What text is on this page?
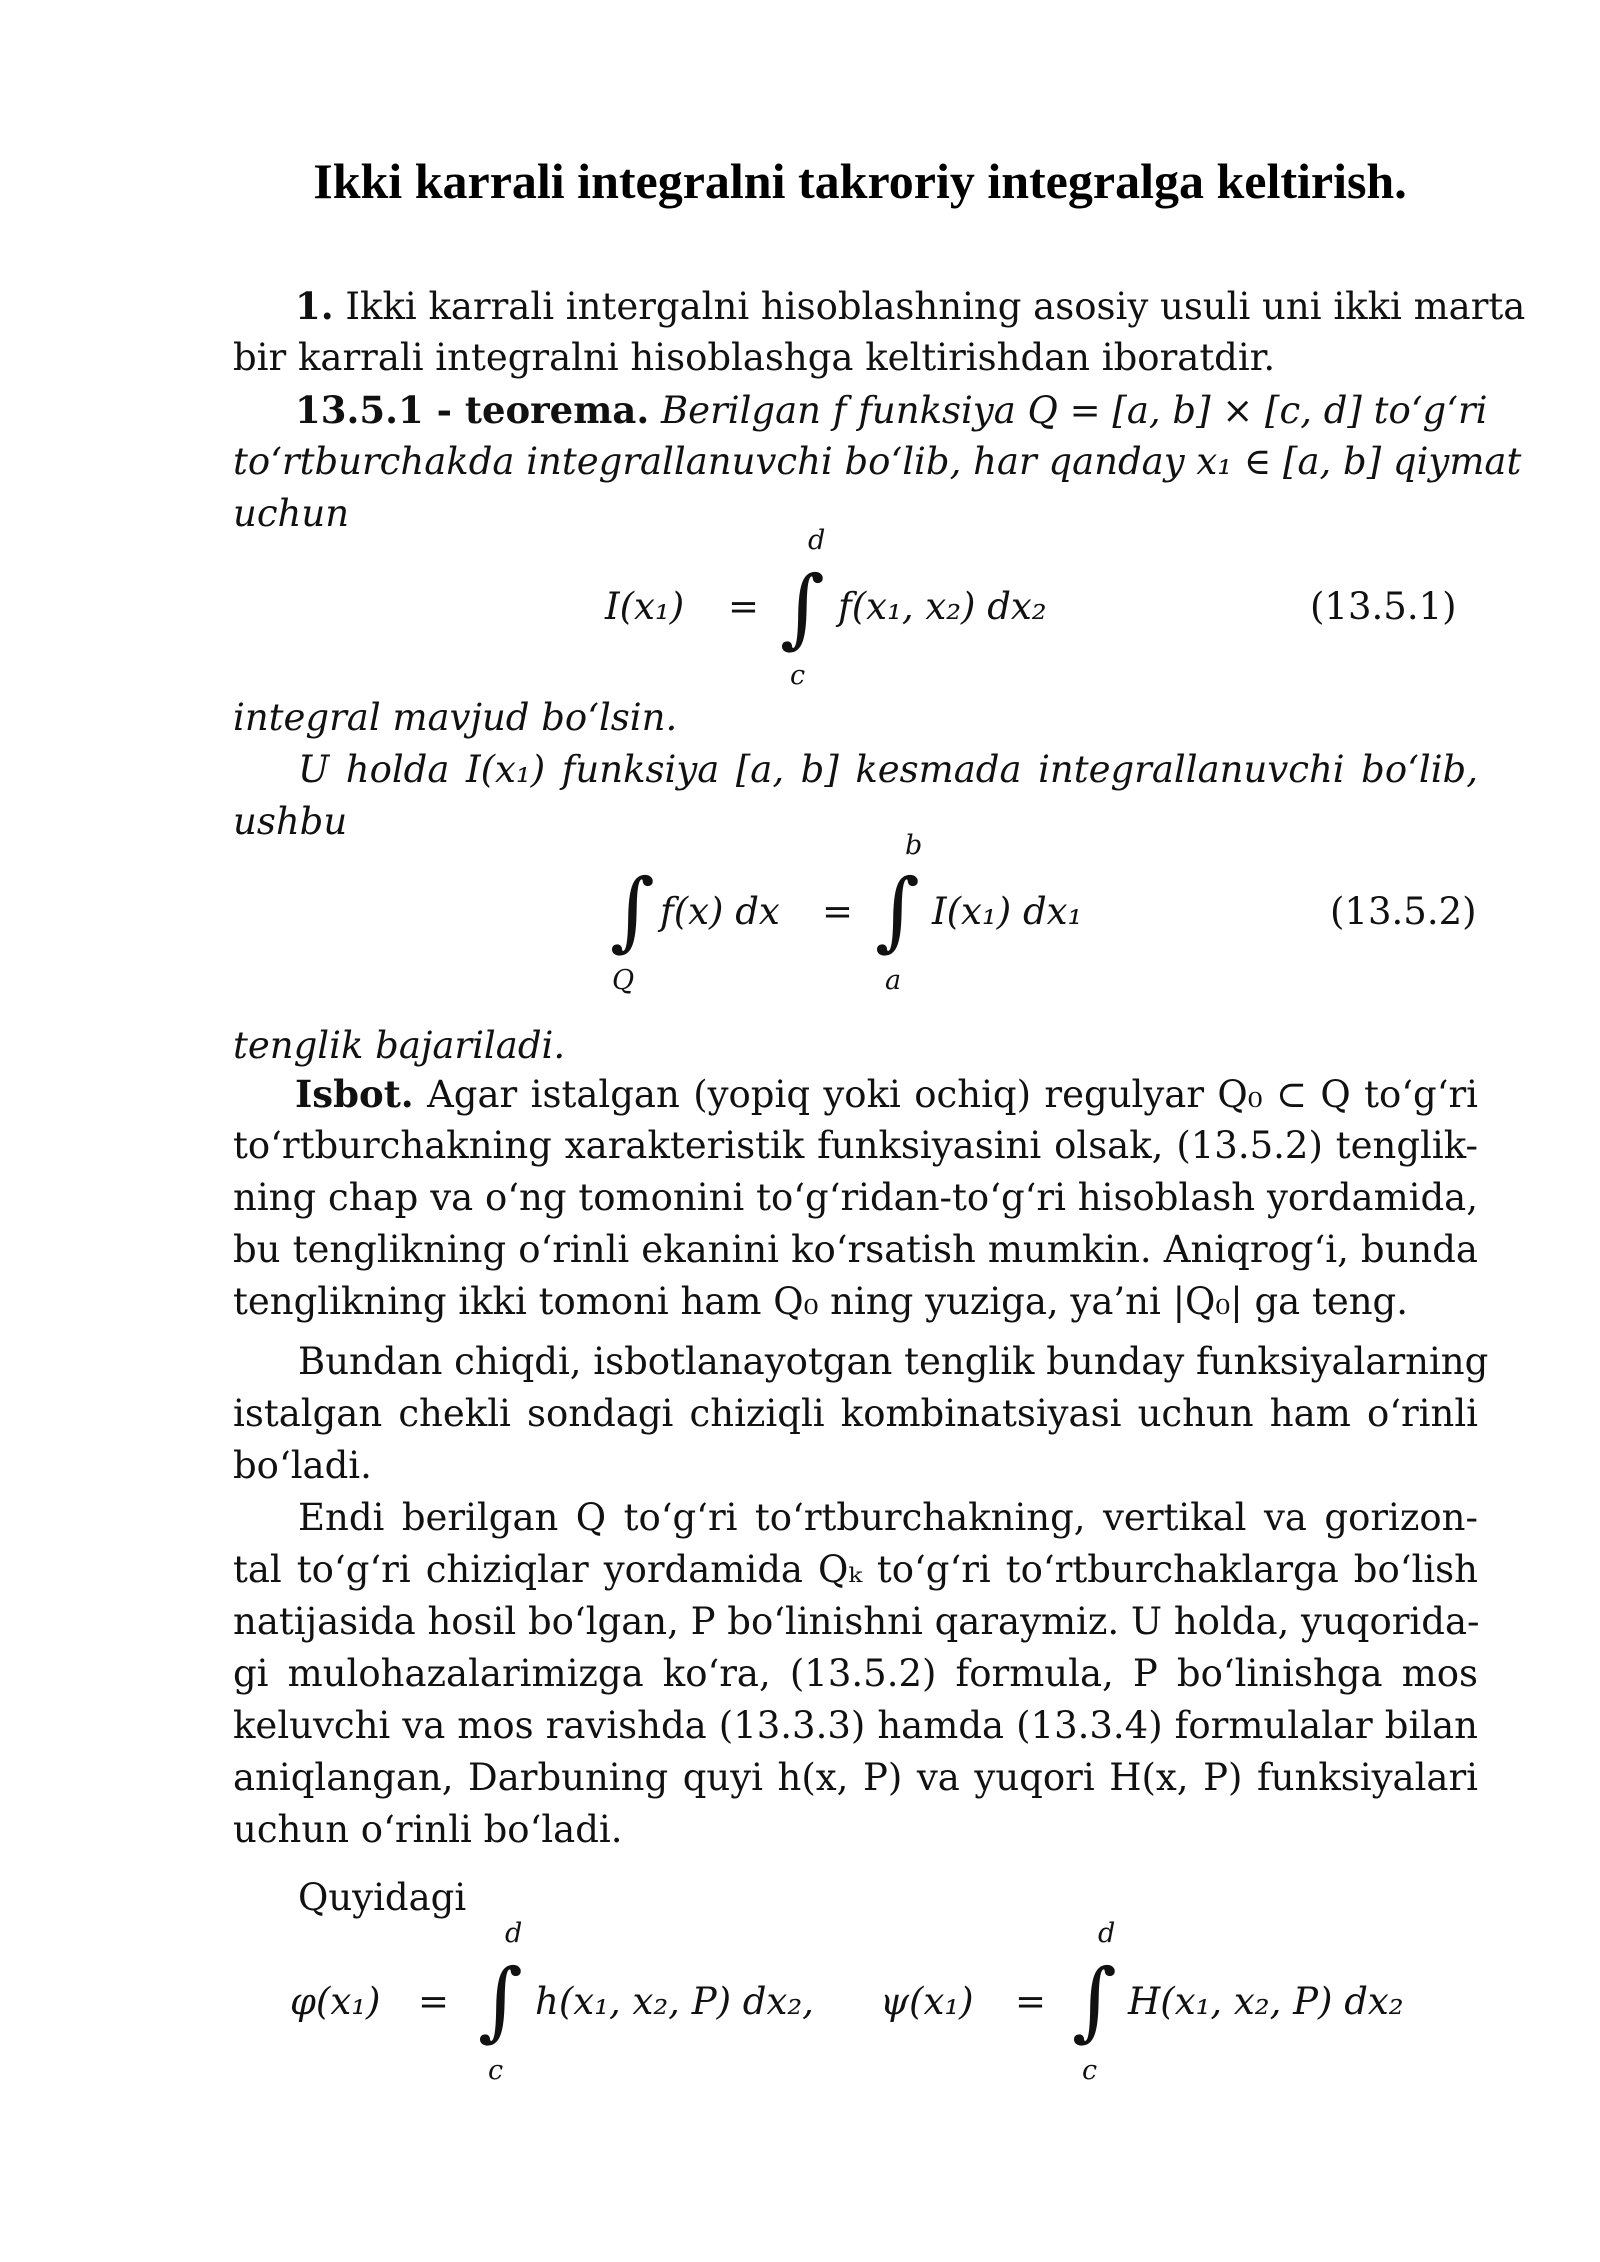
Ikki karrali integralni takroriy integralga keltirish.
1. Ikki karrali intergalni hisoblashning asosiy usuli uni ikki marta
bir karrali integralni hisoblashga keltirishdan iboratdir.
13.5.1 - teorema. Berilgan f funksiya Q = [a, b] × [c, d] to‘g‘ri
to‘rtburchakda integrallanuvchi bo‘lib, har qanday x₁ ∈ [a, b] qiymat
uchun
I(x₁) =
d
∫
c
f(x₁, x₂) dx₂	(13.5.1)
integral mavjud bo‘lsin.
U holda I(x₁) funksiya [a, b] kesmada integrallanuvchi bo‘lib,
ushbu
∫
Q
f(x) dx =
b
∫
a
I(x₁) dx₁	(13.5.2)
tenglik bajariladi.
Isbot. Agar istalgan (yopiq yoki ochiq) regulyar Q₀ ⊂ Q to‘g‘ri
to‘rtburchakning xarakteristik funksiyasini olsak, (13.5.2) tenglik-
ning chap va o‘ng tomonini to‘g‘ridan-to‘g‘ri hisoblash yordamida,
bu tenglikning o‘rinli ekanini ko‘rsatish mumkin. Aniqrog‘i, bunda
tenglikning ikki tomoni ham Q₀ ning yuziga, ya’ni |Q₀| ga teng.
Bundan chiqdi, isbotlanayotgan tenglik bunday funksiyalarning
istalgan chekli sondagi chiziqli kombinatsiyasi uchun ham o‘rinli
bo‘ladi.
Endi berilgan Q to‘g‘ri to‘rtburchakning, vertikal va gorizon-
tal to‘g‘ri chiziqlar yordamida Qₖ to‘g‘ri to‘rtburchaklarga bo‘lish
natijasida hosil bo‘lgan, P bo‘linishni qaraymiz. U holda, yuqorida-
gi mulohazalarimizga ko‘ra, (13.5.2) formula, P bo‘linishga mos
keluvchi va mos ravishda (13.3.3) hamda (13.3.4) formulalar bilan
aniqlangan, Darbuning quyi h(x, P) va yuqori H(x, P) funksiyalari
uchun o‘rinli bo‘ladi.
Quyidagi
φ(x₁) =
d
∫
c
h(x₁, x₂, P) dx₂, ψ(x₁) =
d
∫
c
H(x₁, x₂, P) dx₂
